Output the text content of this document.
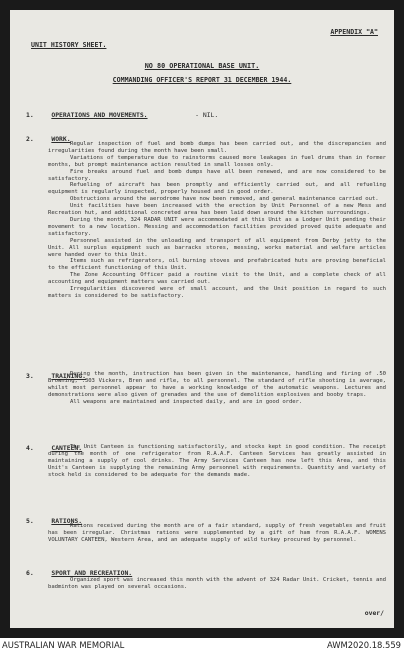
APPENDIX "A"
UNIT HISTORY SHEET.
NO 80 OPERATIONAL BASE UNIT.
COMMANDING OFFICER'S REPORT 31 DECEMBER 1944.
1.	OPERATIONS AND MOVEMENTS.	- NIL.
2.	WORK.

Regular inspection of fuel and bomb dumps has been carried out, and the discrepancies and irregularities found during the month have been small.

Variations of temperature due to rainstorms caused more leakages in fuel drums than in former months, but prompt maintenance action resulted in small losses only.

Fire breaks around fuel and bomb dumps have all been renewed, and are now considered to be satisfactory.

Refueling of aircraft has been promptly and efficiently carried out, and all refueling equipment is regularly inspected, properly housed and in good order.

Obstructions around the aerodrome have now been removed, and general maintenance carried out.

Unit facilities have been increased with the erection by Unit Personnel of a new Mess and Recreation hut, and additional concreted area has been laid down around the kitchen surroundings.

During the month, 324 RADAR UNIT were accommodated at this Unit as a Lodger Unit pending their movement to a new location. Messing and accommodation facilities provided proved quite adequate and satisfactory.

Personnel assisted in the unloading and transport of all equipment from Derby jetty to the Unit. All surplus equipment such as barracks stores, messing, works material and welfare articles were handed over to this Unit.

Items such as refrigerators, oil burning stoves and prefabricated huts are proving beneficial to the efficient functioning of this Unit.

The Zone Accounting Officer paid a routine visit to the Unit, and a complete check of all accounting and equipment matters was carried out.

Irregularities discovered were of small account, and the Unit position in regard to such matters is considered to be satisfactory.

3.	TRAINING.

During the month, instruction has been given in the maintenance, handling and firing of .50 Browning, .303 Vickers, Bren and rifle, to all personnel. The standard of rifle shooting is average, whilst most personnel appear to have a working knowledge of the automatic weapons. Lectures and demonstrations were also given of grenades and the use of demolition explosives and booby traps.

All weapons are maintained and inspected daily, and are in good order.

4.	CANTEEN.

The Unit Canteen is functioning satisfactorily, and stocks kept in good condition. The receipt during the month of one refrigerator from R.A.A.F. Canteen Services has greatly assisted in maintaining a supply of cool drinks. The Army Services Canteen has now left this Area, and this Unit's Canteen is supplying the remaining Army personnel with requirements. Quantity and variety of stock held is considered to be adequate for the demands made.

5.	RATIONS.

Rations received during the month are of a fair standard, supply of fresh vegetables and fruit has been irregular. Christmas rations were supplemented by a gift of ham from R.A.A.F. WOMENS VOLUNTARY CANTEEN, Western Area, and an adequate supply of wild turkey procured by personnel.

6.	SPORT AND RECREATION.

Organized sport was increased this month with the advent of 324 Radar Unit. Cricket, tennis and badminton was played on several occasions.

over/
AUSTRALIAN WAR MEMORIAL	AWM2020.18.559
